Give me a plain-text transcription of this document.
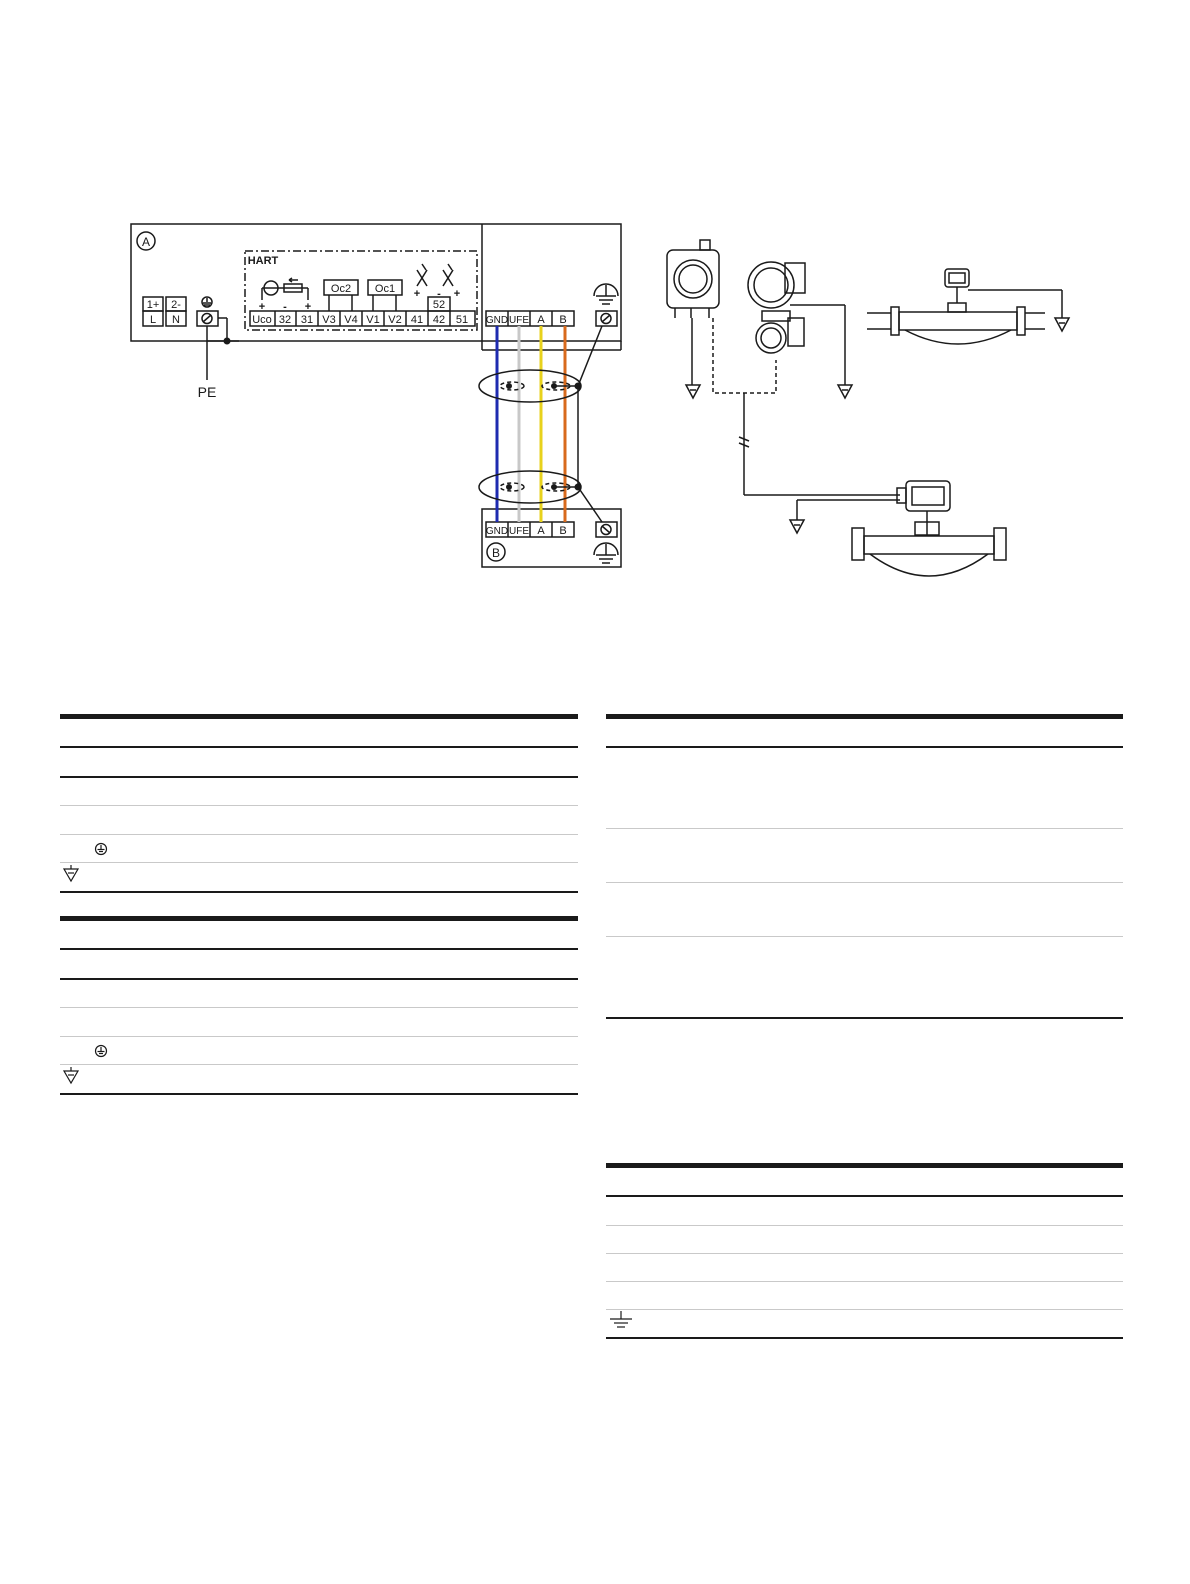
A
B
PE
HART
1+ 2-
L N	Uco 32 31 V3 V4 V1 V2 41 42 51
52
Oc2 Oc1
+ - +
+ - +
GND UFE A B
GND UFE A B
